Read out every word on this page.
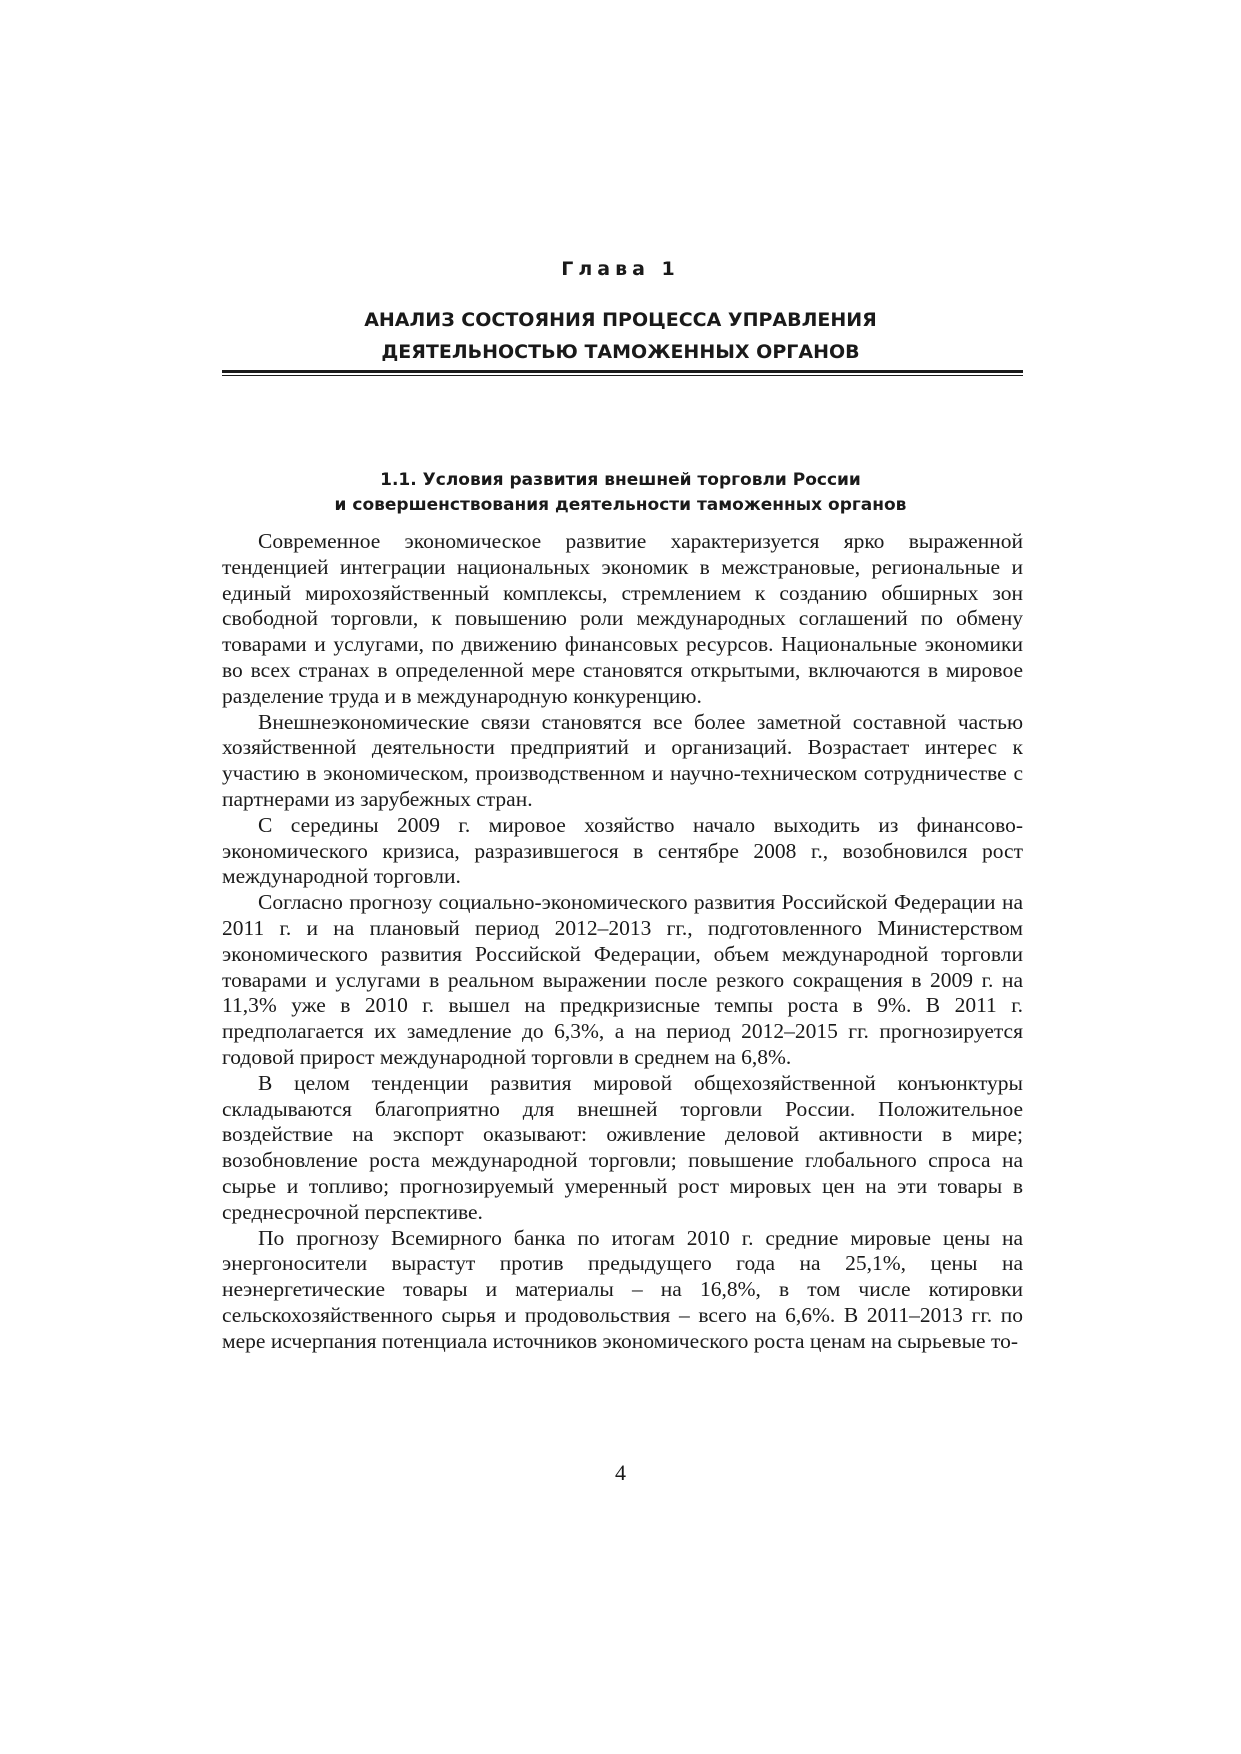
Глава 1
АНАЛИЗ СОСТОЯНИЯ ПРОЦЕССА УПРАВЛЕНИЯ
ДЕЯТЕЛЬНОСТЬЮ ТАМОЖЕННЫХ ОРГАНОВ
1.1. Условия развития внешней торговли России
и совершенствования деятельности таможенных органов

Современное экономическое развитие характеризуется ярко выраженной тенденцией интеграции национальных экономик в межстрановые, региональные и единый мирохозяйственный комплексы, стремлением к созданию обширных зон свободной торговли, к повышению роли международных соглашений по обмену товарами и услугами, по движению финансовых ресурсов. Национальные экономики во всех странах в определенной мере становятся открытыми, включаются в мировое разделение труда и в международную конкуренцию.

Внешнеэкономические связи становятся все более заметной составной частью хозяйственной деятельности предприятий и организаций. Возрастает интерес к участию в экономическом, производственном и научно-техническом сотрудничестве с партнерами из зарубежных стран.

С середины 2009 г. мировое хозяйство начало выходить из финансово-экономического кризиса, разразившегося в сентябре 2008 г., возобновился рост международной торговли.

Согласно прогнозу социально-экономического развития Российской Федерации на 2011 г. и на плановый период 2012–2013 гг., подготовленного Министерством экономического развития Российской Федерации, объем международной торговли товарами и услугами в реальном выражении после резкого сокращения в 2009 г. на 11,3% уже в 2010 г. вышел на предкризисные темпы роста в 9%. В 2011 г. предполагается их замедление до 6,3%, а на период 2012–2015 гг. прогнозируется годовой прирост международной торговли в среднем на 6,8%.

В целом тенденции развития мировой общехозяйственной конъюнктуры складываются благоприятно для внешней торговли России. Положительное воздействие на экспорт оказывают: оживление деловой активности в мире; возобновление роста международной торговли; повышение глобального спроса на сырье и топливо; прогнозируемый умеренный рост мировых цен на эти товары в среднесрочной перспективе.

По прогнозу Всемирного банка по итогам 2010 г. средние мировые цены на энергоносители вырастут против предыдущего года на 25,1%, цены на неэнергетические товары и материалы – на 16,8%, в том числе котировки сельскохозяйственного сырья и продовольствия – всего на 6,6%. В 2011–2013 гг. по мере исчерпания потенциала источников экономического роста ценам на сырьевые то-

4
